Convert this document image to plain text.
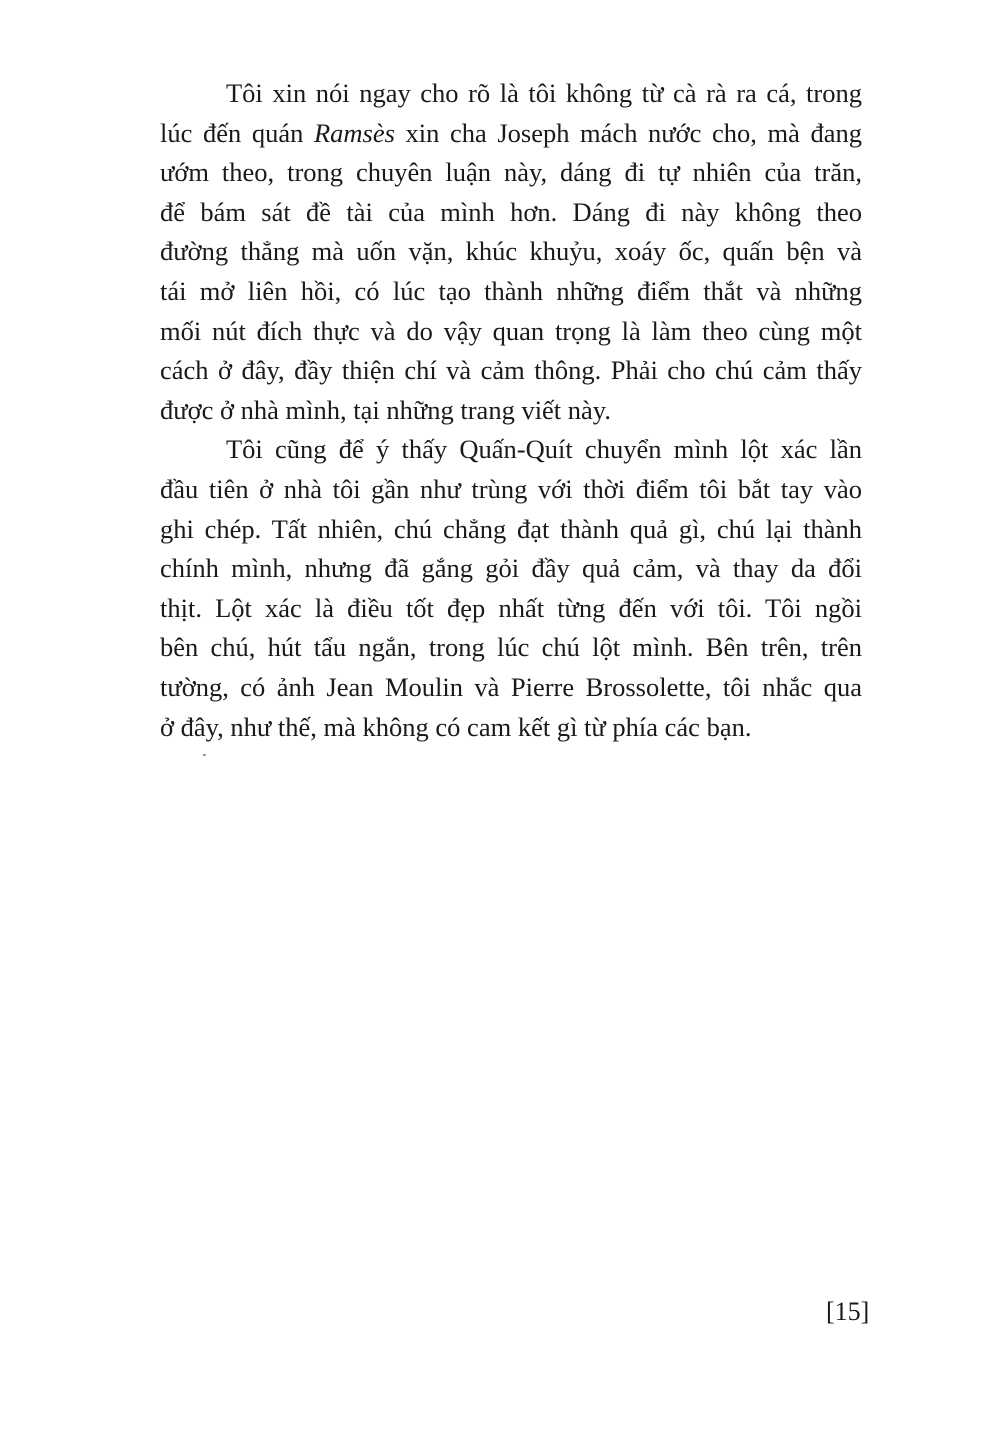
Tôi xin nói ngay cho rõ là tôi không từ cà rà ra cá, trong
lúc đến quán Ramsès xin cha Joseph mách nước cho, mà đang
ướm theo, trong chuyên luận này, dáng đi tự nhiên của trăn,
để bám sát đề tài của mình hơn. Dáng đi này không theo
đường thẳng mà uốn vặn, khúc khuỷu, xoáy ốc, quấn bện và
tái mở liên hồi, có lúc tạo thành những điểm thắt và những
mối nút đích thực và do vậy quan trọng là làm theo cùng một
cách ở đây, đầy thiện chí và cảm thông. Phải cho chú cảm thấy
được ở nhà mình, tại những trang viết này.
Tôi cũng để ý thấy Quấn-Quít chuyển mình lột xác lần
đầu tiên ở nhà tôi gần như trùng với thời điểm tôi bắt tay vào
ghi chép. Tất nhiên, chú chẳng đạt thành quả gì, chú lại thành
chính mình, nhưng đã gắng gỏi đầy quả cảm, và thay da đổi
thịt. Lột xác là điều tốt đẹp nhất từng đến với tôi. Tôi ngồi
bên chú, hút tẩu ngắn, trong lúc chú lột mình. Bên trên, trên
tường, có ảnh Jean Moulin và Pierre Brossolette, tôi nhắc qua
ở đây, như thế, mà không có cam kết gì từ phía các bạn.
[15]
